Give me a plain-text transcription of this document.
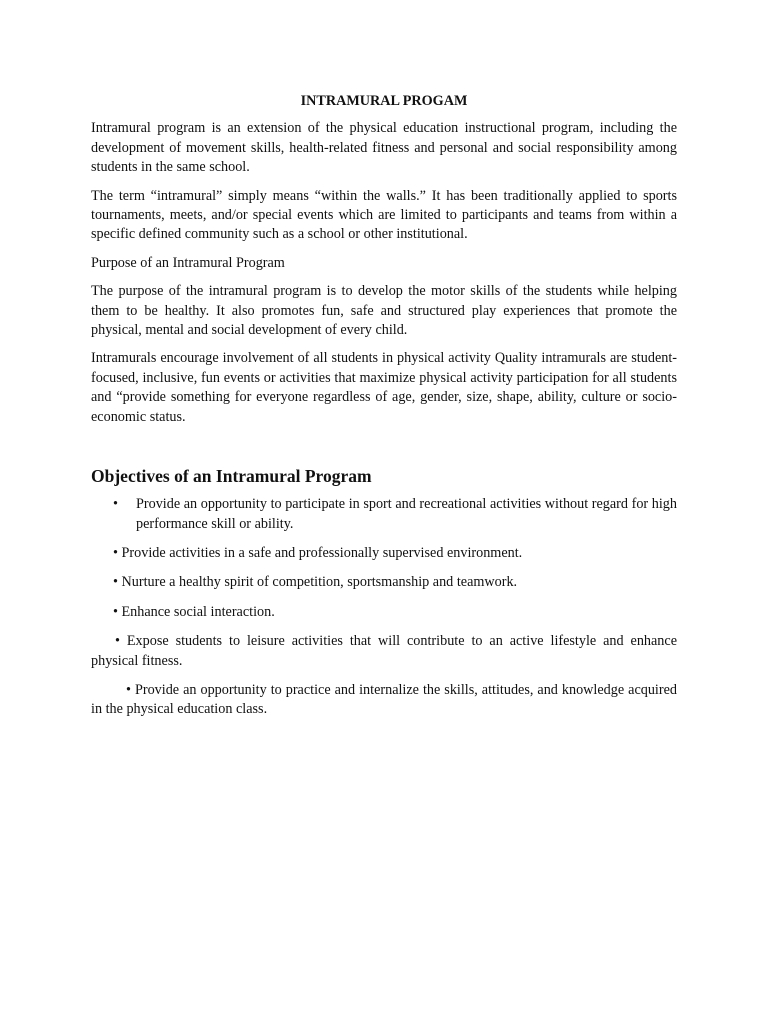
INTRAMURAL PROGAM

Intramural program is an extension of the physical education instructional program, including the development of movement skills, health-related fitness and personal and social responsibility among students in the same school.

The term “intramural” simply means “within the walls.” It has been traditionally applied to sports tournaments, meets, and/or special events which are limited to participants and teams from within a specific defined community such as a school or other institutional.

Purpose of an Intramural Program

The purpose of the intramural program is to develop the motor skills of the students while helping them to be healthy. It also promotes fun, safe and structured play experiences that promote the physical, mental and social development of every child.

Intramurals encourage involvement of all students in physical activity Quality intramurals are student-focused, inclusive, fun events or activities that maximize physical activity participation for all students and “provide something for everyone regardless of age, gender, size, shape, ability, culture or socio-economic status.

Objectives of an Intramural Program
• Provide an opportunity to participate in sport and recreational activities without regard for high performance skill or ability.
• Provide activities in a safe and professionally supervised environment.
• Nurture a healthy spirit of competition, sportsmanship and teamwork.
• Enhance social interaction.
• Expose students to leisure activities that will contribute to an active lifestyle and enhance physical fitness.
• Provide an opportunity to practice and internalize the skills, attitudes, and knowledge acquired in the physical education class.
